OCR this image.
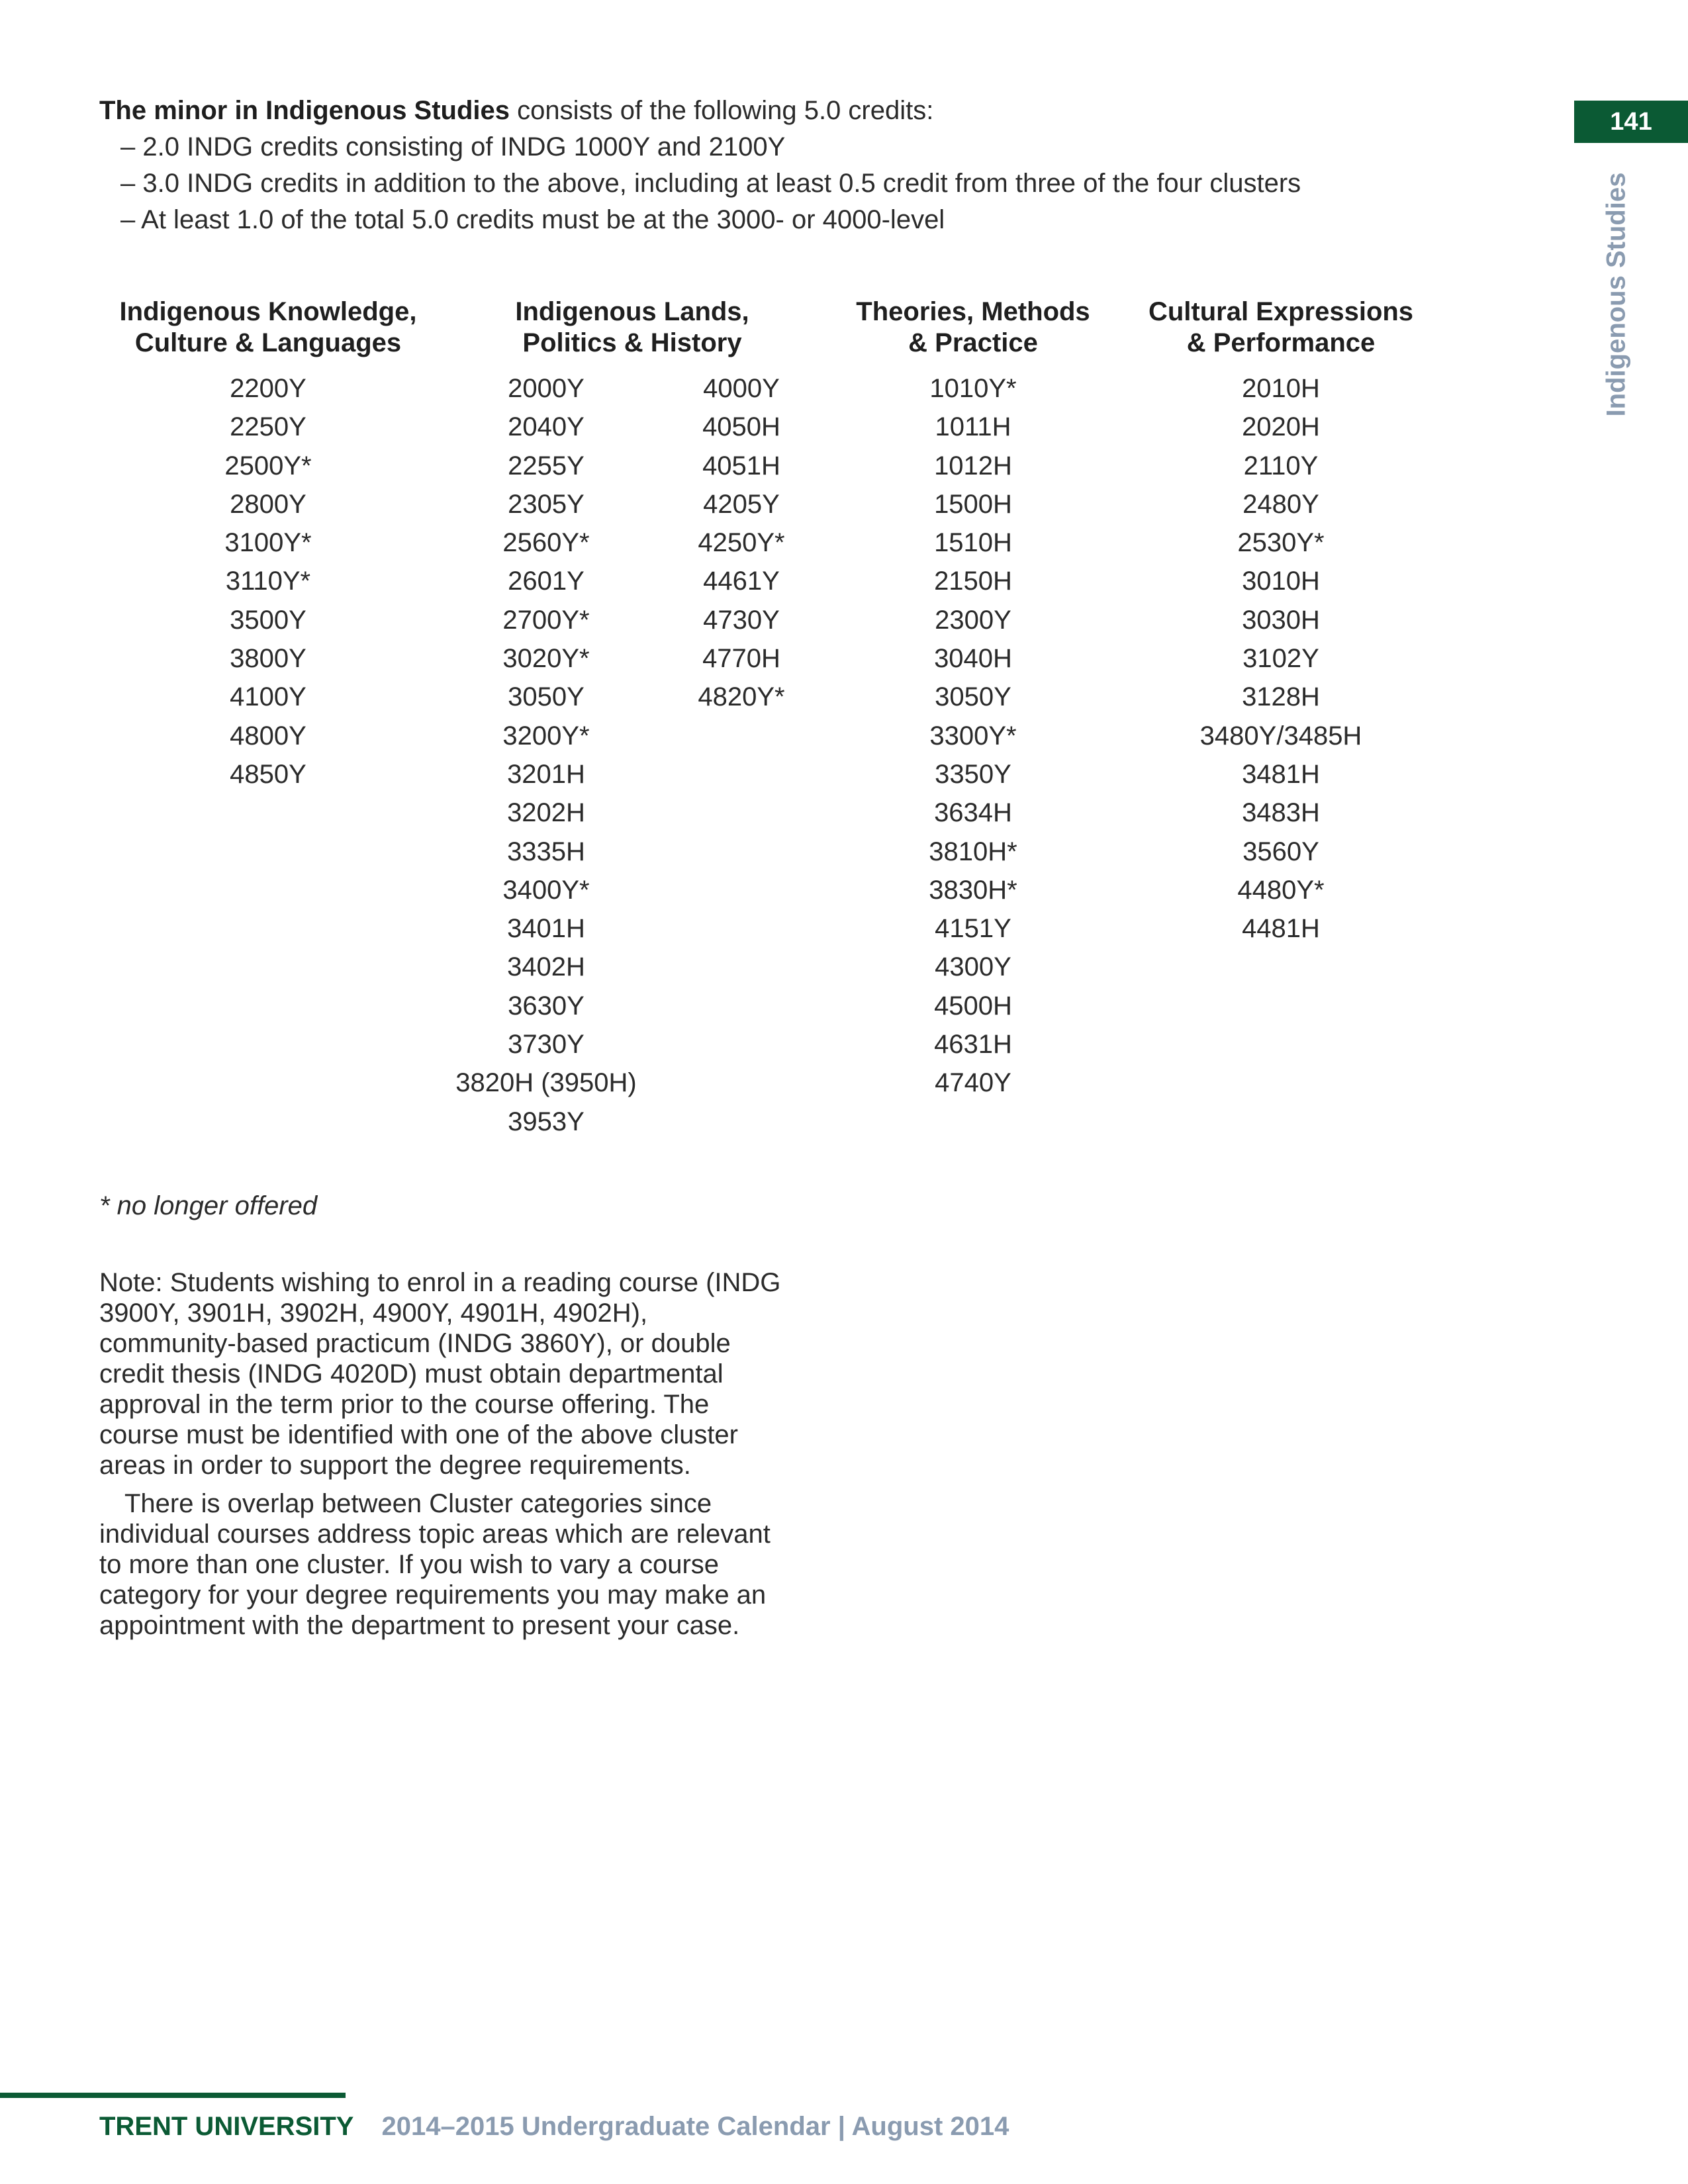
141
Indigenous Studies
The minor in Indigenous Studies consists of the following 5.0 credits:
– 2.0 INDG credits consisting of INDG 1000Y and 2100Y
– 3.0 INDG credits in addition to the above, including at least 0.5 credit from three of the four clusters
– At least 1.0 of the total 5.0 credits must be at the 3000- or 4000-level
Indigenous Knowledge,
Culture & Languages
2200Y
2250Y
2500Y*
2800Y
3100Y*
3110Y*
3500Y
3800Y
4100Y
4800Y
4850Y
Indigenous Lands,
Politics & History
2000Y
2040Y
2255Y
2305Y
2560Y*
2601Y
2700Y*
3020Y*
3050Y
3200Y*
3201H
3202H
3335H
3400Y*
3401H
3402H
3630Y
3730Y
3820H (3950H)
3953Y
4000Y
4050H
4051H
4205Y
4250Y*
4461Y
4730Y
4770H
4820Y*
Theories, Methods
& Practice
1010Y*
1011H
1012H
1500H
1510H
2150H
2300Y
3040H
3050Y
3300Y*
3350Y
3634H
3810H*
3830H*
4151Y
4300Y
4500H
4631H
4740Y
Cultural Expressions
& Performance
2010H
2020H
2110Y
2480Y
2530Y*
3010H
3030H
3102Y
3128H
3480Y/3485H
3481H
3483H
3560Y
4480Y*
4481H
* no longer offered

Note: Students wishing to enrol in a reading course (INDG 3900Y, 3901H, 3902H, 4900Y, 4901H, 4902H), community-based practicum (INDG 3860Y), or double credit thesis (INDG 4020D) must obtain departmental approval in the term prior to the course offering. The course must be identified with one of the above cluster areas in order to support the degree requirements.

There is overlap between Cluster categories since individual courses address topic areas which are relevant to more than one cluster. If you wish to vary a course category for your degree requirements you may make an appointment with the department to present your case.

TRENT UNIVERSITY 2014–2015 Undergraduate Calendar | August 2014
